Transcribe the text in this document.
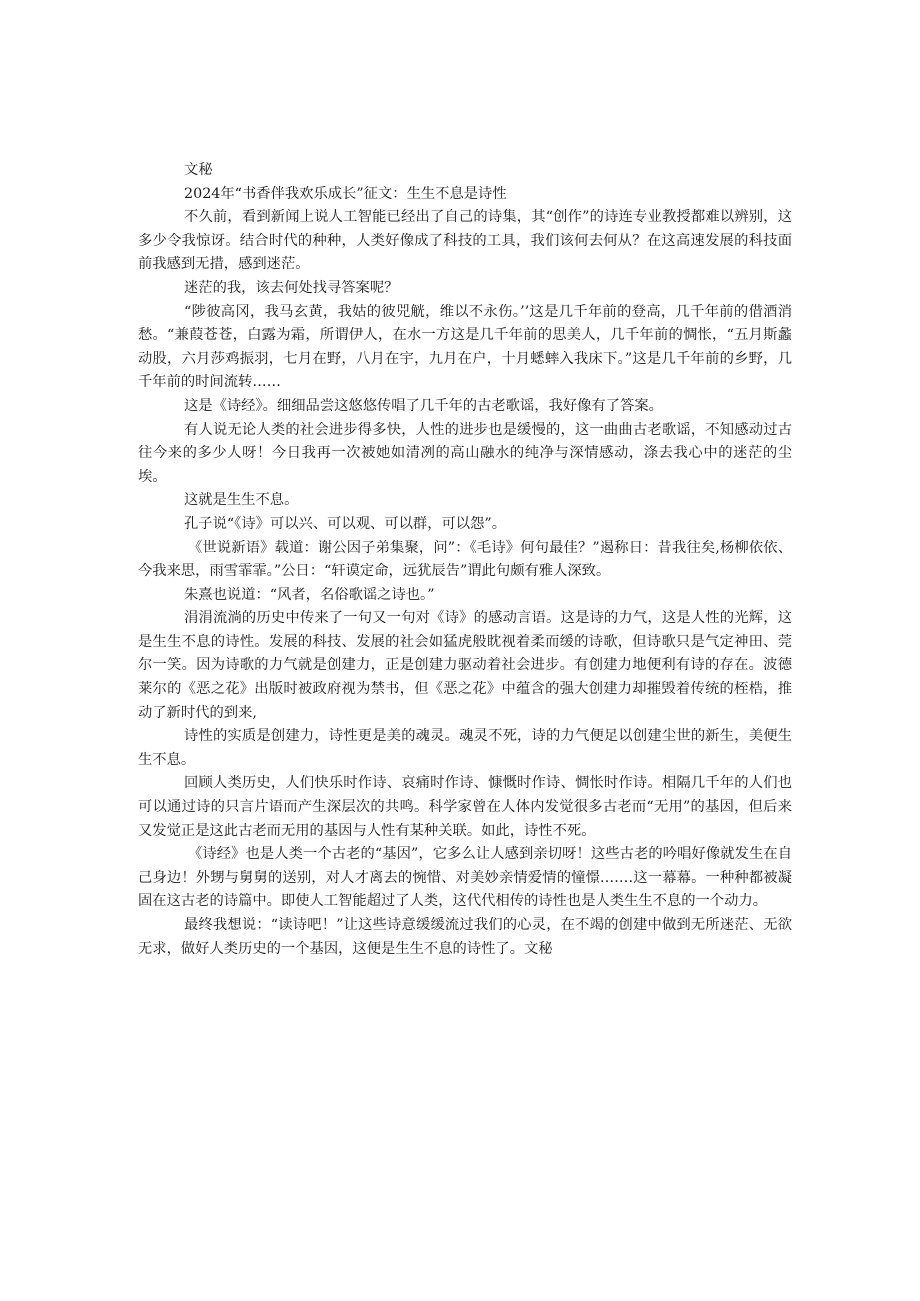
文秘

2024年“书香伴我欢乐成长”征文：生生不息是诗性

不久前，看到新闻上说人工智能已经出了自己的诗集，其“创作”的诗连专业教授都难以辨别，这多少令我惊讶。结合时代的种种，人类好像成了科技的工具，我们该何去何从？在这高速发展的科技面前我感到无措，感到迷茫。

迷茫的我，该去何处找寻答案呢？

“陟彼高冈，我马玄黄，我姑的彼兕觥，维以不永伤。’’这是几千年前的登高，几千年前的借酒消愁。“兼葭苍苍，白露为霜，所谓伊人，在水一方这是几千年前的思美人，几千年前的惆怅，“五月斯蠡动股，六月莎鸡振羽，七月在野，八月在宇，九月在户，十月蟋蟀入我床下。”这是几千年前的乡野，几千年前的时间流转……

这是《诗经》。细细品尝这悠悠传唱了几千年的古老歌谣，我好像有了答案。

有人说无论人类的社会进步得多快，人性的进步也是缓慢的，这一曲曲古老歌谣，不知感动过古往今来的多少人呀！今日我再一次被她如清冽的高山融水的纯净与深情感动，涤去我心中的迷茫的尘埃。

这就是生生不息。

孔子说“《诗》可以兴、可以观、可以群，可以怨”。

《世说新语》载道：谢公因子弟集聚，问”：《毛诗》何句最佳？”遏称日：昔我往矣,杨柳依依、今我来思，雨雪霏霏。”公日：“轩谟定命，远犹辰告”谓此句颇有雅人深致。

朱熹也说道：“风者，名俗歌谣之诗也。”

涓涓流淌的历史中传来了一句又一句对《诗》的感动言语。这是诗的力气，这是人性的光辉，这是生生不息的诗性。发展的科技、发展的社会如猛虎般眈视着柔而缓的诗歌，但诗歌只是气定神田、莞尔一笑。因为诗歌的力气就是创建力，正是创建力驱动着社会进步。有创建力地便利有诗的存在。波德莱尔的《恶之花》出版时被政府视为禁书，但《恶之花》中蕴含的强大创建力却摧毁着传统的桎梏，推动了新时代的到来,

诗性的实质是创建力，诗性更是美的魂灵。魂灵不死，诗的力气便足以创建尘世的新生，美便生生不息。

回顾人类历史，人们快乐时作诗、哀痛时作诗、慷慨时作诗、惆怅时作诗。相隔几千年的人们也可以通过诗的只言片语而产生深层次的共鸣。科学家曾在人体内发觉很多古老而“无用”的基因，但后来又发觉正是这此古老而无用的基因与人性有某种关联。如此，诗性不死。

《诗经》也是人类一个古老的“基因”，它多么让人感到亲切呀！这些古老的吟唱好像就发生在自己身边！外甥与舅舅的送别，对人才离去的惋惜、对美妙亲情爱情的憧憬.……这一幕幕。一种种都被凝固在这古老的诗篇中。即使人工智能超过了人类，这代代相传的诗性也是人类生生不息的一个动力。

最终我想说：“读诗吧！”让这些诗意缓缓流过我们的心灵，在不竭的创建中做到无所迷茫、无欲无求，做好人类历史的一个基因，这便是生生不息的诗性了。文秘
